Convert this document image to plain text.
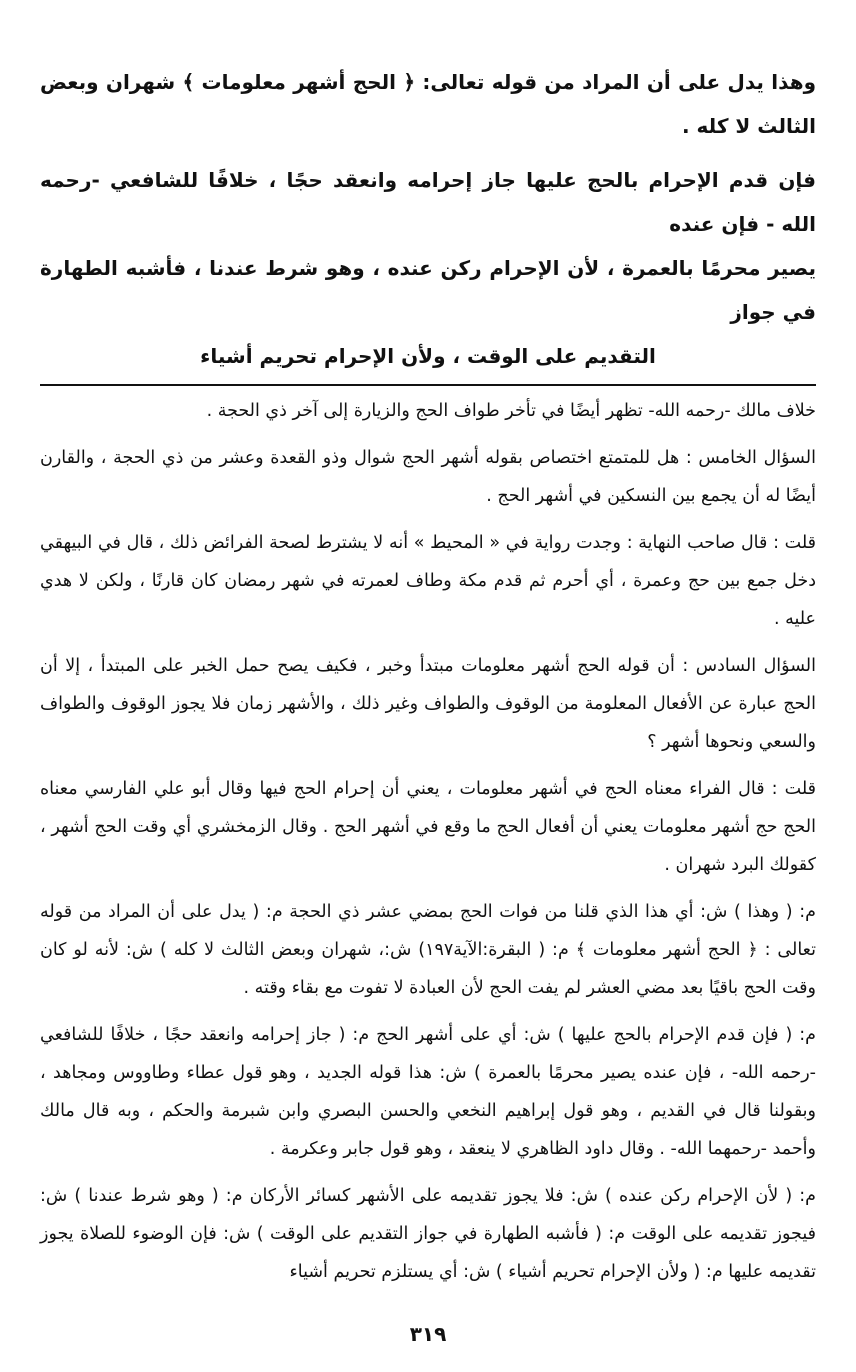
وهذا يدل على أن المراد من قوله تعالى: ﴿ الحج أشهر معلومات ﴾ شهران وبعض الثالث لا كله .

فإن قدم الإحرام بالحج عليها جاز إحرامه وانعقد حجًا ، خلافًا للشافعي -رحمه الله - فإن عنده

يصير محرمًا بالعمرة ، لأن الإحرام ركن عنده ، وهو شرط عندنا ، فأشبه الطهارة في جواز

التقديم على الوقت ، ولأن الإحرام تحريم أشياء

خلاف مالك -رحمه الله- تظهر أيضًا في تأخر طواف الحج والزيارة إلى آخر ذي الحجة .

السؤال الخامس : هل للمتمتع اختصاص بقوله أشهر الحج شوال وذو القعدة وعشر من ذي الحجة ، والقارن أيضًا له أن يجمع بين النسكين في أشهر الحج .

قلت : قال صاحب النهاية : وجدت رواية في « المحيط » أنه لا يشترط لصحة الفرائض ذلك ، قال في البيهقي دخل جمع بين حج وعمرة ، أي أحرم ثم قدم مكة وطاف لعمرته في شهر رمضان كان قارنًا ، ولكن لا هدي عليه .

السؤال السادس : أن قوله الحج أشهر معلومات مبتدأ وخبر ، فكيف يصح حمل الخبر على المبتدأ ، إلا أن الحج عبارة عن الأفعال المعلومة من الوقوف والطواف وغير ذلك ، والأشهر زمان فلا يجوز الوقوف والطواف والسعي ونحوها أشهر ؟

قلت : قال الفراء معناه الحج في أشهر معلومات ، يعني أن إحرام الحج فيها وقال أبو علي الفارسي معناه الحج حج أشهر معلومات يعني أن أفعال الحج ما وقع في أشهر الحج . وقال الزمخشري أي وقت الحج أشهر ، كقولك البرد شهران .

م: ( وهذا ) ش: أي هذا الذي قلنا من فوات الحج بمضي عشر ذي الحجة م: ( يدل على أن المراد من قوله تعالى : ﴿ الحج أشهر معلومات ﴾ م: ( البقرة:الآية١٩٧) ش:، شهران وبعض الثالث لا كله ) ش: لأنه لو كان وقت الحج باقيًا بعد مضي العشر لم يفت الحج لأن العبادة لا تفوت مع بقاء وقته .

م: ( فإن قدم الإحرام بالحج عليها ) ش: أي على أشهر الحج م: ( جاز إحرامه وانعقد حجًا ، خلافًا للشافعي -رحمه الله- ، فإن عنده يصير محرمًا بالعمرة ) ش: هذا قوله الجديد ، وهو قول عطاء وطاووس ومجاهد ، وبقولنا قال في القديم ، وهو قول إبراهيم النخعي والحسن البصري وابن شبرمة والحكم ، وبه قال مالك وأحمد -رحمهما الله- . وقال داود الظاهري لا ينعقد ، وهو قول جابر وعكرمة .

م: ( لأن الإحرام ركن عنده ) ش: فلا يجوز تقديمه على الأشهر كسائر الأركان م: ( وهو شرط عندنا ) ش: فيجوز تقديمه على الوقت م: ( فأشبه الطهارة في جواز التقديم على الوقت ) ش: فإن الوضوء للصلاة يجوز تقديمه عليها م: ( ولأن الإحرام تحريم أشياء ) ش: أي يستلزم تحريم أشياء

٣١٩
